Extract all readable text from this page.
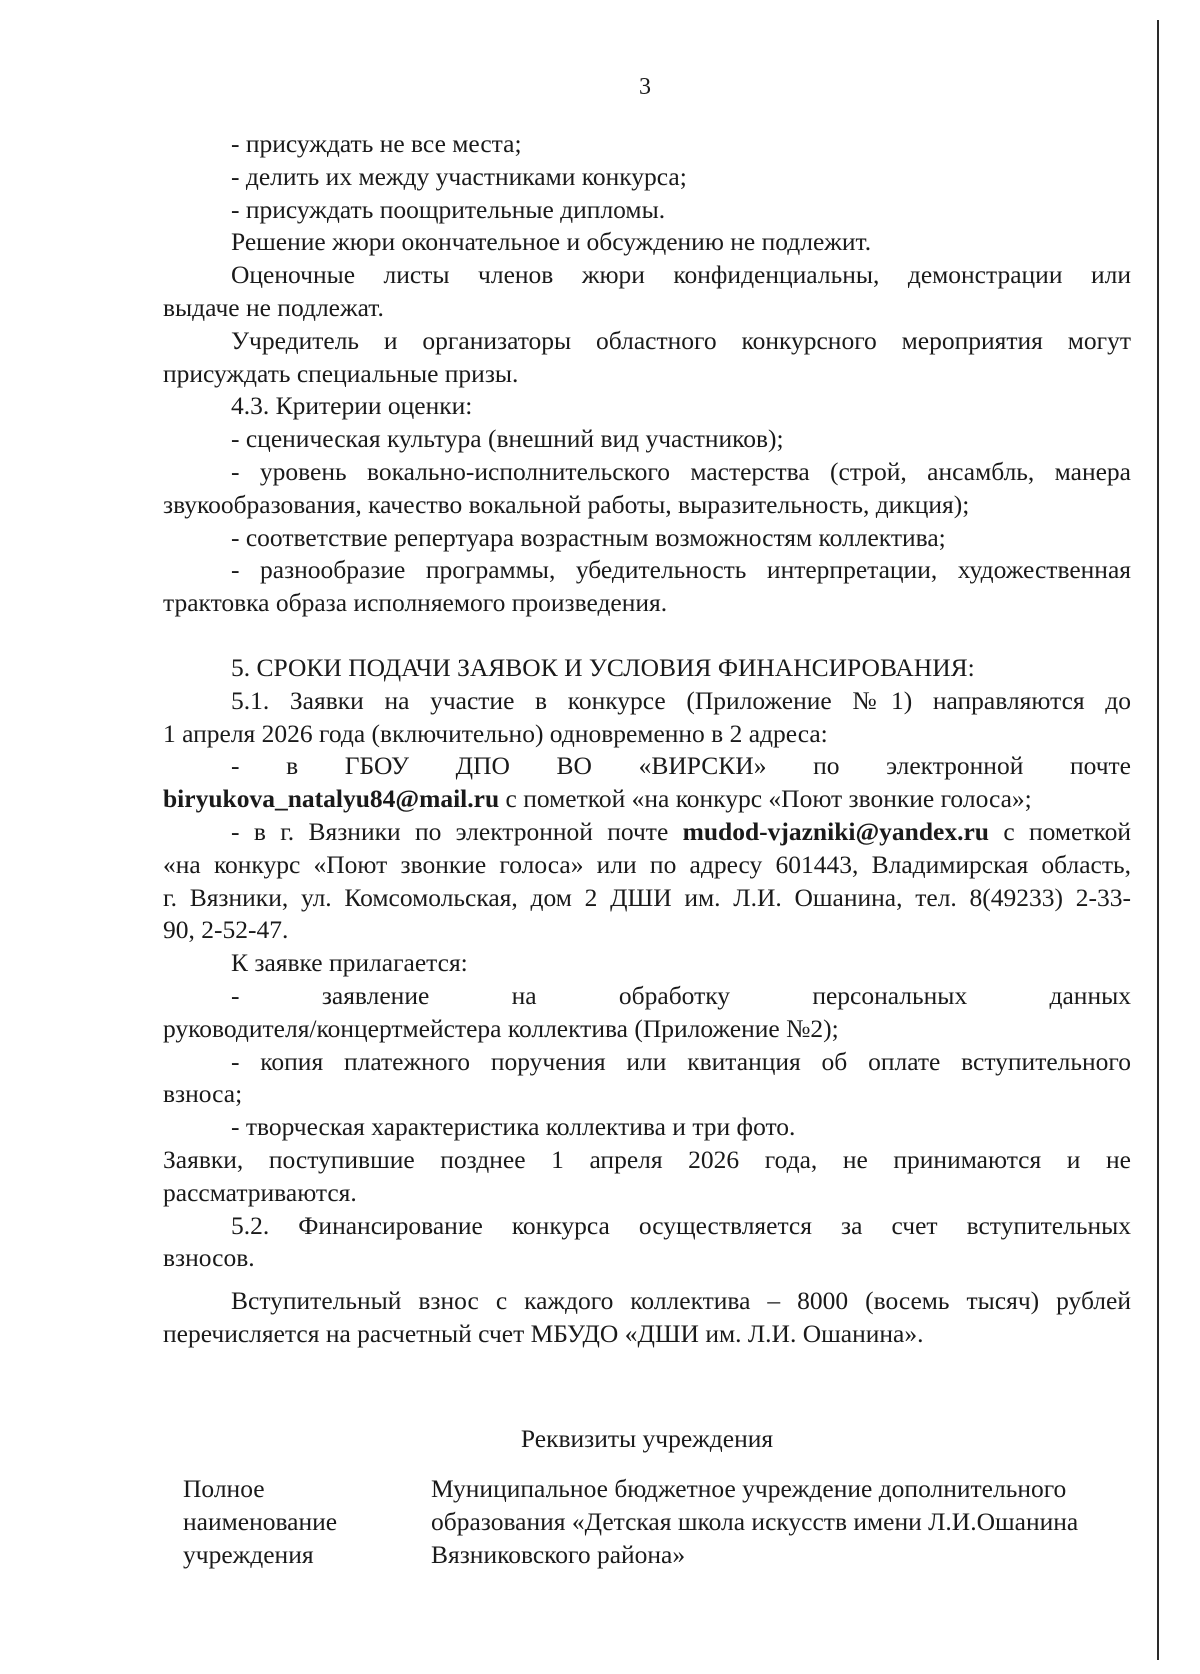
3

- присуждать не все места;

- делить их между участниками конкурса;

- присуждать поощрительные дипломы.

Решение жюри окончательное и обсуждению не подлежит.

Оценочные листы членов жюри конфиденциальны, демонстрации или

выдаче не подлежат.

Учредитель и организаторы областного конкурсного мероприятия могут

присуждать специальные призы.

4.3. Критерии оценки:

- сценическая культура (внешний вид участников);

- уровень вокально-исполнительского мастерства (строй, ансамбль, манера

звукообразования, качество вокальной работы, выразительность, дикция);

- соответствие репертуара возрастным возможностям коллектива;

- разнообразие программы, убедительность интерпретации, художественная

трактовка образа исполняемого произведения.

5. СРОКИ ПОДАЧИ ЗАЯВОК И УСЛОВИЯ ФИНАНСИРОВАНИЯ:

5.1. Заявки на участие в конкурсе (Приложение №1) направляются до

1 апреля 2026 года (включительно) одновременно в 2 адреса:

- в ГБОУ ДПО ВО «ВИРСКИ» по электронной почте

biryukova_natalyu84@mail.ru с пометкой «на конкурс «Поют звонкие голоса»;

- в г. Вязники по электронной почте mudod-vjazniki@yandex.ru с пометкой

«на конкурс «Поют звонкие голоса» или по адресу 601443, Владимирская область,

г. Вязники, ул. Комсомольская, дом 2 ДШИ им. Л.И. Ошанина, тел. 8(49233) 2-33-

90, 2-52-47.

К заявке прилагается:

- заявление на обработку персональных данных

руководителя/концертмейстера коллектива (Приложение №2);

- копия платежного поручения или квитанция об оплате вступительного

взноса;

- творческая характеристика коллектива и три фото.

Заявки, поступившие позднее 1 апреля 2026 года, не принимаются и не

рассматриваются.

5.2. Финансирование конкурса осуществляется за счет вступительных

взносов.

Вступительный взнос с каждого коллектива – 8000 (восемь тысяч) рублей

перечисляется на расчетный счет МБУДО «ДШИ им. Л.И. Ошанина».

Реквизиты учреждения

Полное
наименование
учреждения
Муниципальное бюджетное учреждение дополнительного
образования «Детская школа искусств имени Л.И.Ошанина
Вязниковского района»
